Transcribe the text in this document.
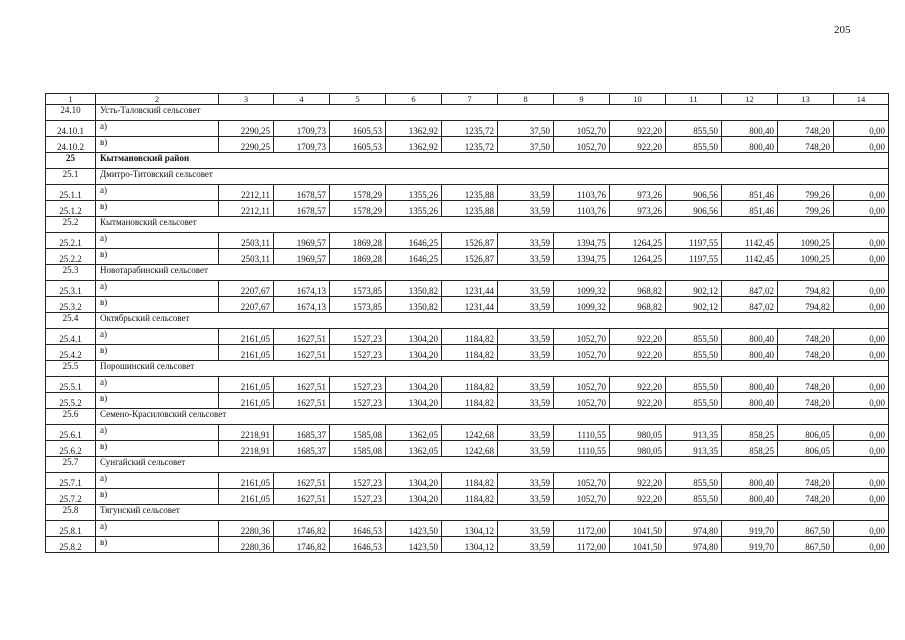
205
1	2	3	4	5	6	7	8	9	10	11	12	13	14
24.10	Усть-Таловский сельсовет												
24.10.1	а)	2290,25	1709,73	1605,53	1362,92	1235,72	37,50	1052,70	922,20	855,50	800,40	748,20	0,00
24.10.2	в)	2290,25	1709,73	1605,53	1362,92	1235,72	37,50	1052,70	922,20	855,50	800,40	748,20	0,00
25	Кытмановский район												
25.1	Дмитро-Титовский сельсовет												
25.1.1	а)	2212,11	1678,57	1578,29	1355,26	1235,88	33,59	1103,76	973,26	906,56	851,46	799,26	0,00
25.1.2	в)	2212,11	1678,57	1578,29	1355,26	1235,88	33,59	1103,76	973,26	906,56	851,46	799,26	0,00
25.2	Кытмановский сельсовет												
25.2.1	а)	2503,11	1969,57	1869,28	1646,25	1526,87	33,59	1394,75	1264,25	1197,55	1142,45	1090,25	0,00
25.2.2	в)	2503,11	1969,57	1869,28	1646,25	1526,87	33,59	1394,75	1264,25	1197,55	1142,45	1090,25	0,00
25.3	Новотарабинский сельсовет												
25.3.1	а)	2207,67	1674,13	1573,85	1350,82	1231,44	33,59	1099,32	968,82	902,12	847,02	794,82	0,00
25.3.2	в)	2207,67	1674,13	1573,85	1350,82	1231,44	33,59	1099,32	968,82	902,12	847,02	794,82	0,00
25.4	Октябрьский сельсовет												
25.4.1	а)	2161,05	1627,51	1527,23	1304,20	1184,82	33,59	1052,70	922,20	855,50	800,40	748,20	0,00
25.4.2	в)	2161,05	1627,51	1527,23	1304,20	1184,82	33,59	1052,70	922,20	855,50	800,40	748,20	0,00
25.5	Порошинский сельсовет												
25.5.1	а)	2161,05	1627,51	1527,23	1304,20	1184,82	33,59	1052,70	922,20	855,50	800,40	748,20	0,00
25.5.2	в)	2161,05	1627,51	1527,23	1304,20	1184,82	33,59	1052,70	922,20	855,50	800,40	748,20	0,00
25.6	Семено-Красиловский сельсовет												
25.6.1	а)	2218,91	1685,37	1585,08	1362,05	1242,68	33,59	1110,55	980,05	913,35	858,25	806,05	0,00
25.6.2	в)	2218,91	1685,37	1585,08	1362,05	1242,68	33,59	1110,55	980,05	913,35	858,25	806,05	0,00
25.7	Сунгайский сельсовет												
25.7.1	а)	2161,05	1627,51	1527,23	1304,20	1184,82	33,59	1052,70	922,20	855,50	800,40	748,20	0,00
25.7.2	в)	2161,05	1627,51	1527,23	1304,20	1184,82	33,59	1052,70	922,20	855,50	800,40	748,20	0,00
25.8	Тягунский сельсовет												
25.8.1	а)	2280,36	1746,82	1646,53	1423,50	1304,12	33,59	1172,00	1041,50	974,80	919,70	867,50	0,00
25.8.2	в)	2280,36	1746,82	1646,53	1423,50	1304,12	33,59	1172,00	1041,50	974,80	919,70	867,50	0,00
